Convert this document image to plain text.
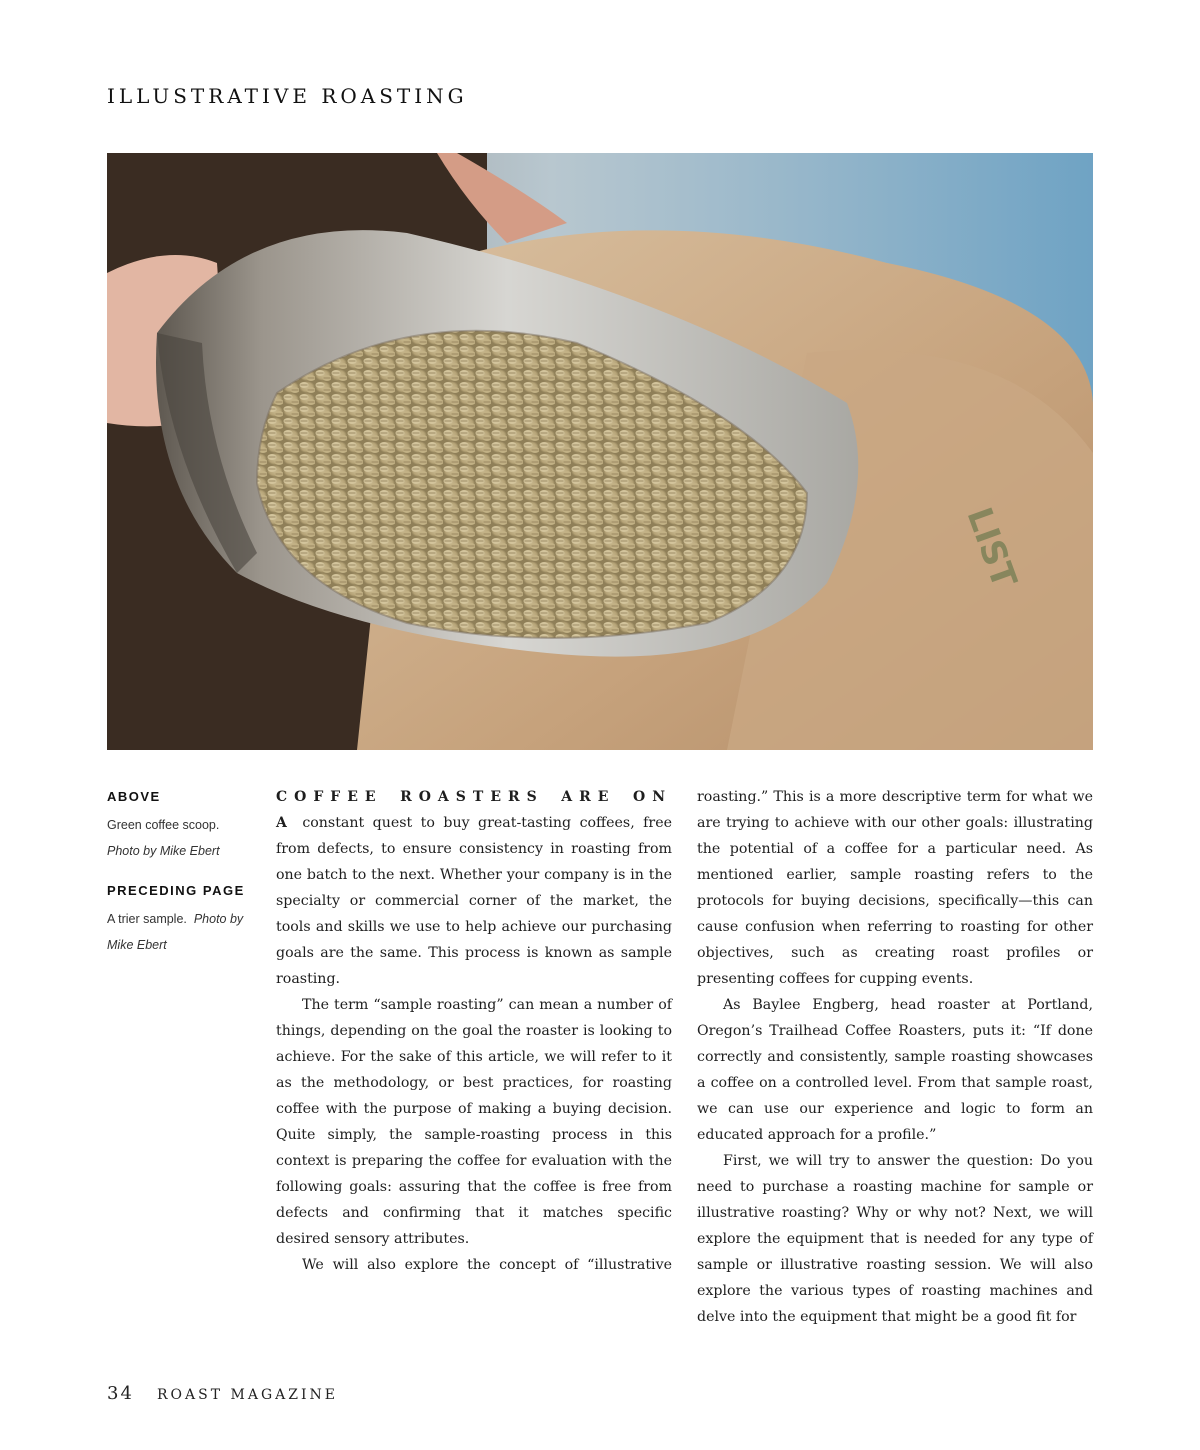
ILLUSTRATIVE ROASTING
LIST
ABOVE
Green coffee scoop.
Photo by Mike Ebert
PRECEDING PAGE
A trier sample. Photo by Mike Ebert

COFFEE ROASTERS ARE ON A constant quest to buy great-tasting coffees, free from defects, to ensure consistency in roasting from one batch to the next. Whether your company is in the specialty or commercial corner of the market, the tools and skills we use to help achieve our purchasing goals are the same. This process is known as sample roasting.

The term “sample roasting” can mean a number of things, depending on the goal the roaster is looking to achieve. For the sake of this article, we will refer to it as the methodology, or best practices, for roasting coffee with the purpose of making a buying decision. Quite simply, the sample-roasting process in this context is preparing the coffee for evaluation with the following goals: assuring that the coffee is free from defects and confirming that it matches specific desired sensory attributes.

We will also explore the concept of “illustrative

roasting.” This is a more descriptive term for what we are trying to achieve with our other goals: illustrating the potential of a coffee for a particular need. As mentioned earlier, sample roasting refers to the protocols for buying decisions, specifically—this can cause confusion when referring to roasting for other objectives, such as creating roast profiles or presenting coffees for cupping events.

As Baylee Engberg, head roaster at Portland, Oregon’s Trailhead Coffee Roasters, puts it: “If done correctly and consistently, sample roasting showcases a coffee on a controlled level. From that sample roast, we can use our experience and logic to form an educated approach for a profile.”

First, we will try to answer the question: Do you need to purchase a roasting machine for sample or illustrative roasting? Why or why not? Next, we will explore the equipment that is needed for any type of sample or illustrative roasting session. We will also explore the various types of roasting machines and delve into the equipment that might be a good fit for

34 ROAST MAGAZINE
